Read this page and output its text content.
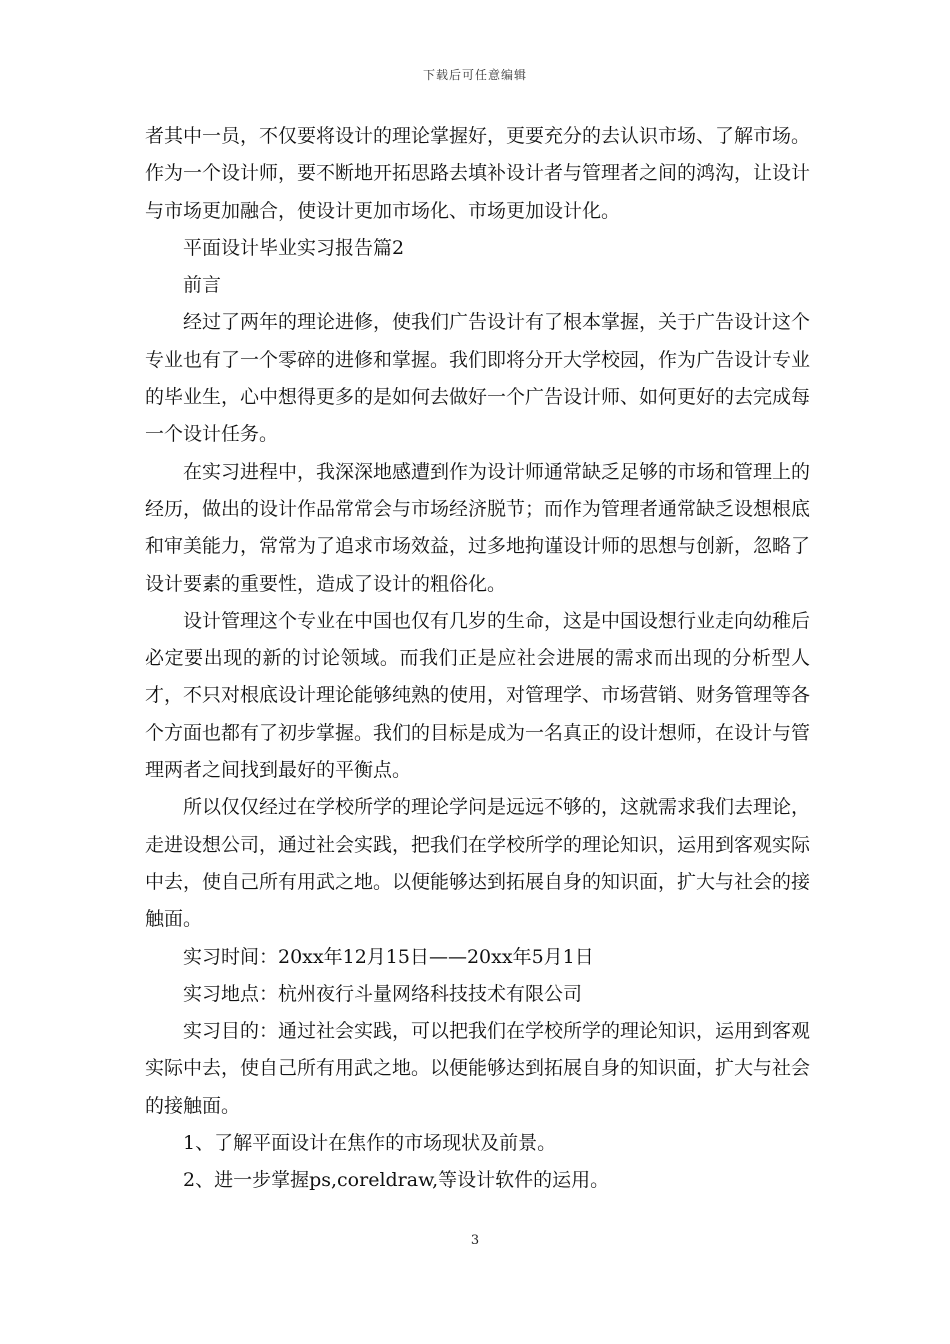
下载后可任意编辑

者其中一员，不仅要将设计的理论掌握好，更要充分的去认识市场、了解市场。作为一个设计师，要不断地开拓思路去填补设计者与管理者之间的鸿沟，让设计与市场更加融合，使设计更加市场化、市场更加设计化。

平面设计毕业实习报告篇2

前言

经过了两年的理论进修，使我们广告设计有了根本掌握，关于广告设计这个专业也有了一个零碎的进修和掌握。我们即将分开大学校园，作为广告设计专业的毕业生，心中想得更多的是如何去做好一个广告设计师、如何更好的去完成每一个设计任务。

在实习进程中，我深深地感遭到作为设计师通常缺乏足够的市场和管理上的经历，做出的设计作品常常会与市场经济脱节；而作为管理者通常缺乏设想根底和审美能力，常常为了追求市场效益，过多地拘谨设计师的思想与创新，忽略了设计要素的重要性，造成了设计的粗俗化。

设计管理这个专业在中国也仅有几岁的生命，这是中国设想行业走向幼稚后必定要出现的新的讨论领域。而我们正是应社会进展的需求而出现的分析型人才，不只对根底设计理论能够纯熟的使用，对管理学、市场营销、财务管理等各个方面也都有了初步掌握。我们的目标是成为一名真正的设计想师，在设计与管理两者之间找到最好的平衡点。

所以仅仅经过在学校所学的理论学问是远远不够的，这就需求我们去理论，走进设想公司，通过社会实践，把我们在学校所学的理论知识，运用到客观实际中去，使自己所有用武之地。以便能够达到拓展自身的知识面，扩大与社会的接触面。

实习时间：20xx年12月15日——20xx年5月1日

实习地点：杭州夜行斗量网络科技技术有限公司

实习目的：通过社会实践，可以把我们在学校所学的理论知识，运用到客观实际中去，使自己所有用武之地。以便能够达到拓展自身的知识面，扩大与社会的接触面。

1、了解平面设计在焦作的市场现状及前景。

2、进一步掌握ps,coreldraw,等设计软件的运用。

3
